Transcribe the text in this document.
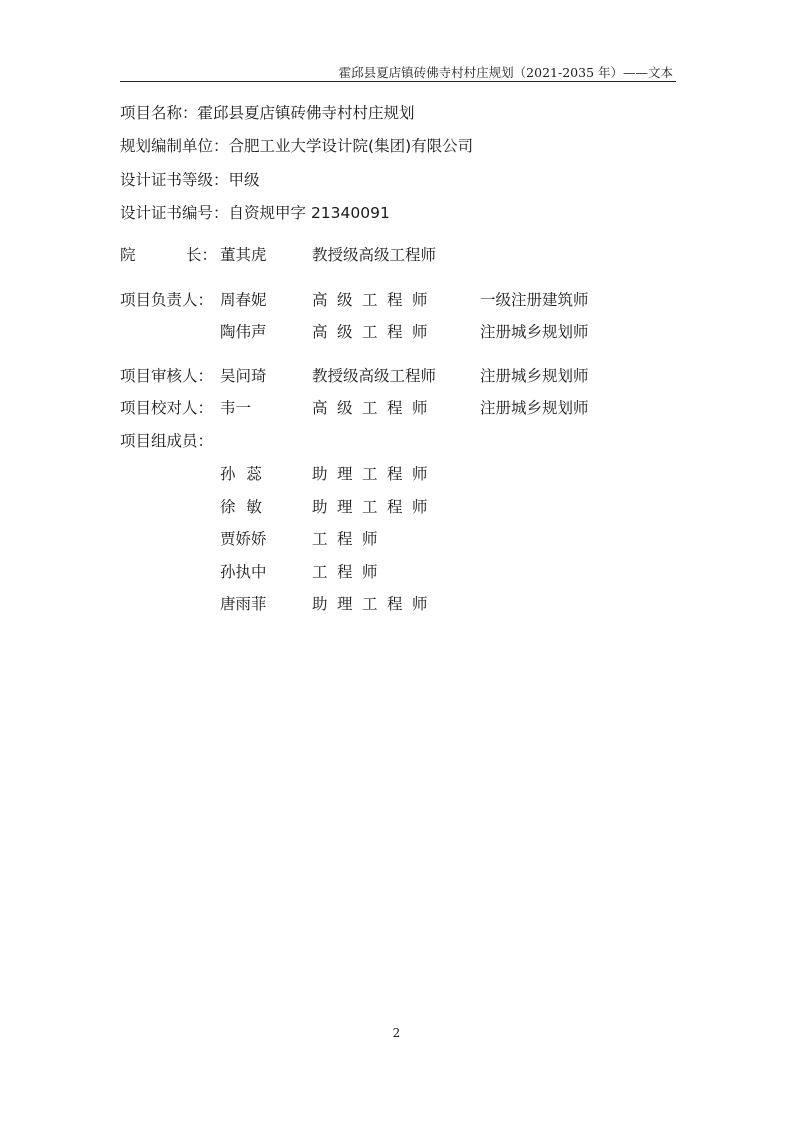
霍邱县夏店镇砖佛寺村村庄规划（2021-2035 年）——文本
项目名称：霍邱县夏店镇砖佛寺村村庄规划
规划编制单位：合肥工业大学设计院(集团)有限公司
设计证书等级：甲级
设计证书编号：自资规甲字 21340091
院	长： 董其虎	教授级高级工程师
项目负责人： 周春妮	高级工程师	一级注册建筑师
陶伟声	高级工程师	注册城乡规划师
项目审核人： 吴问琦	教授级高级工程师	注册城乡规划师
项目校对人： 韦一	高级工程师	注册城乡规划师
项目组成员：
孙 蕊	助理工程师
徐 敏	助理工程师
贾娇娇	工程师
孙执中	工程师
唐雨菲	助理工程师
2
